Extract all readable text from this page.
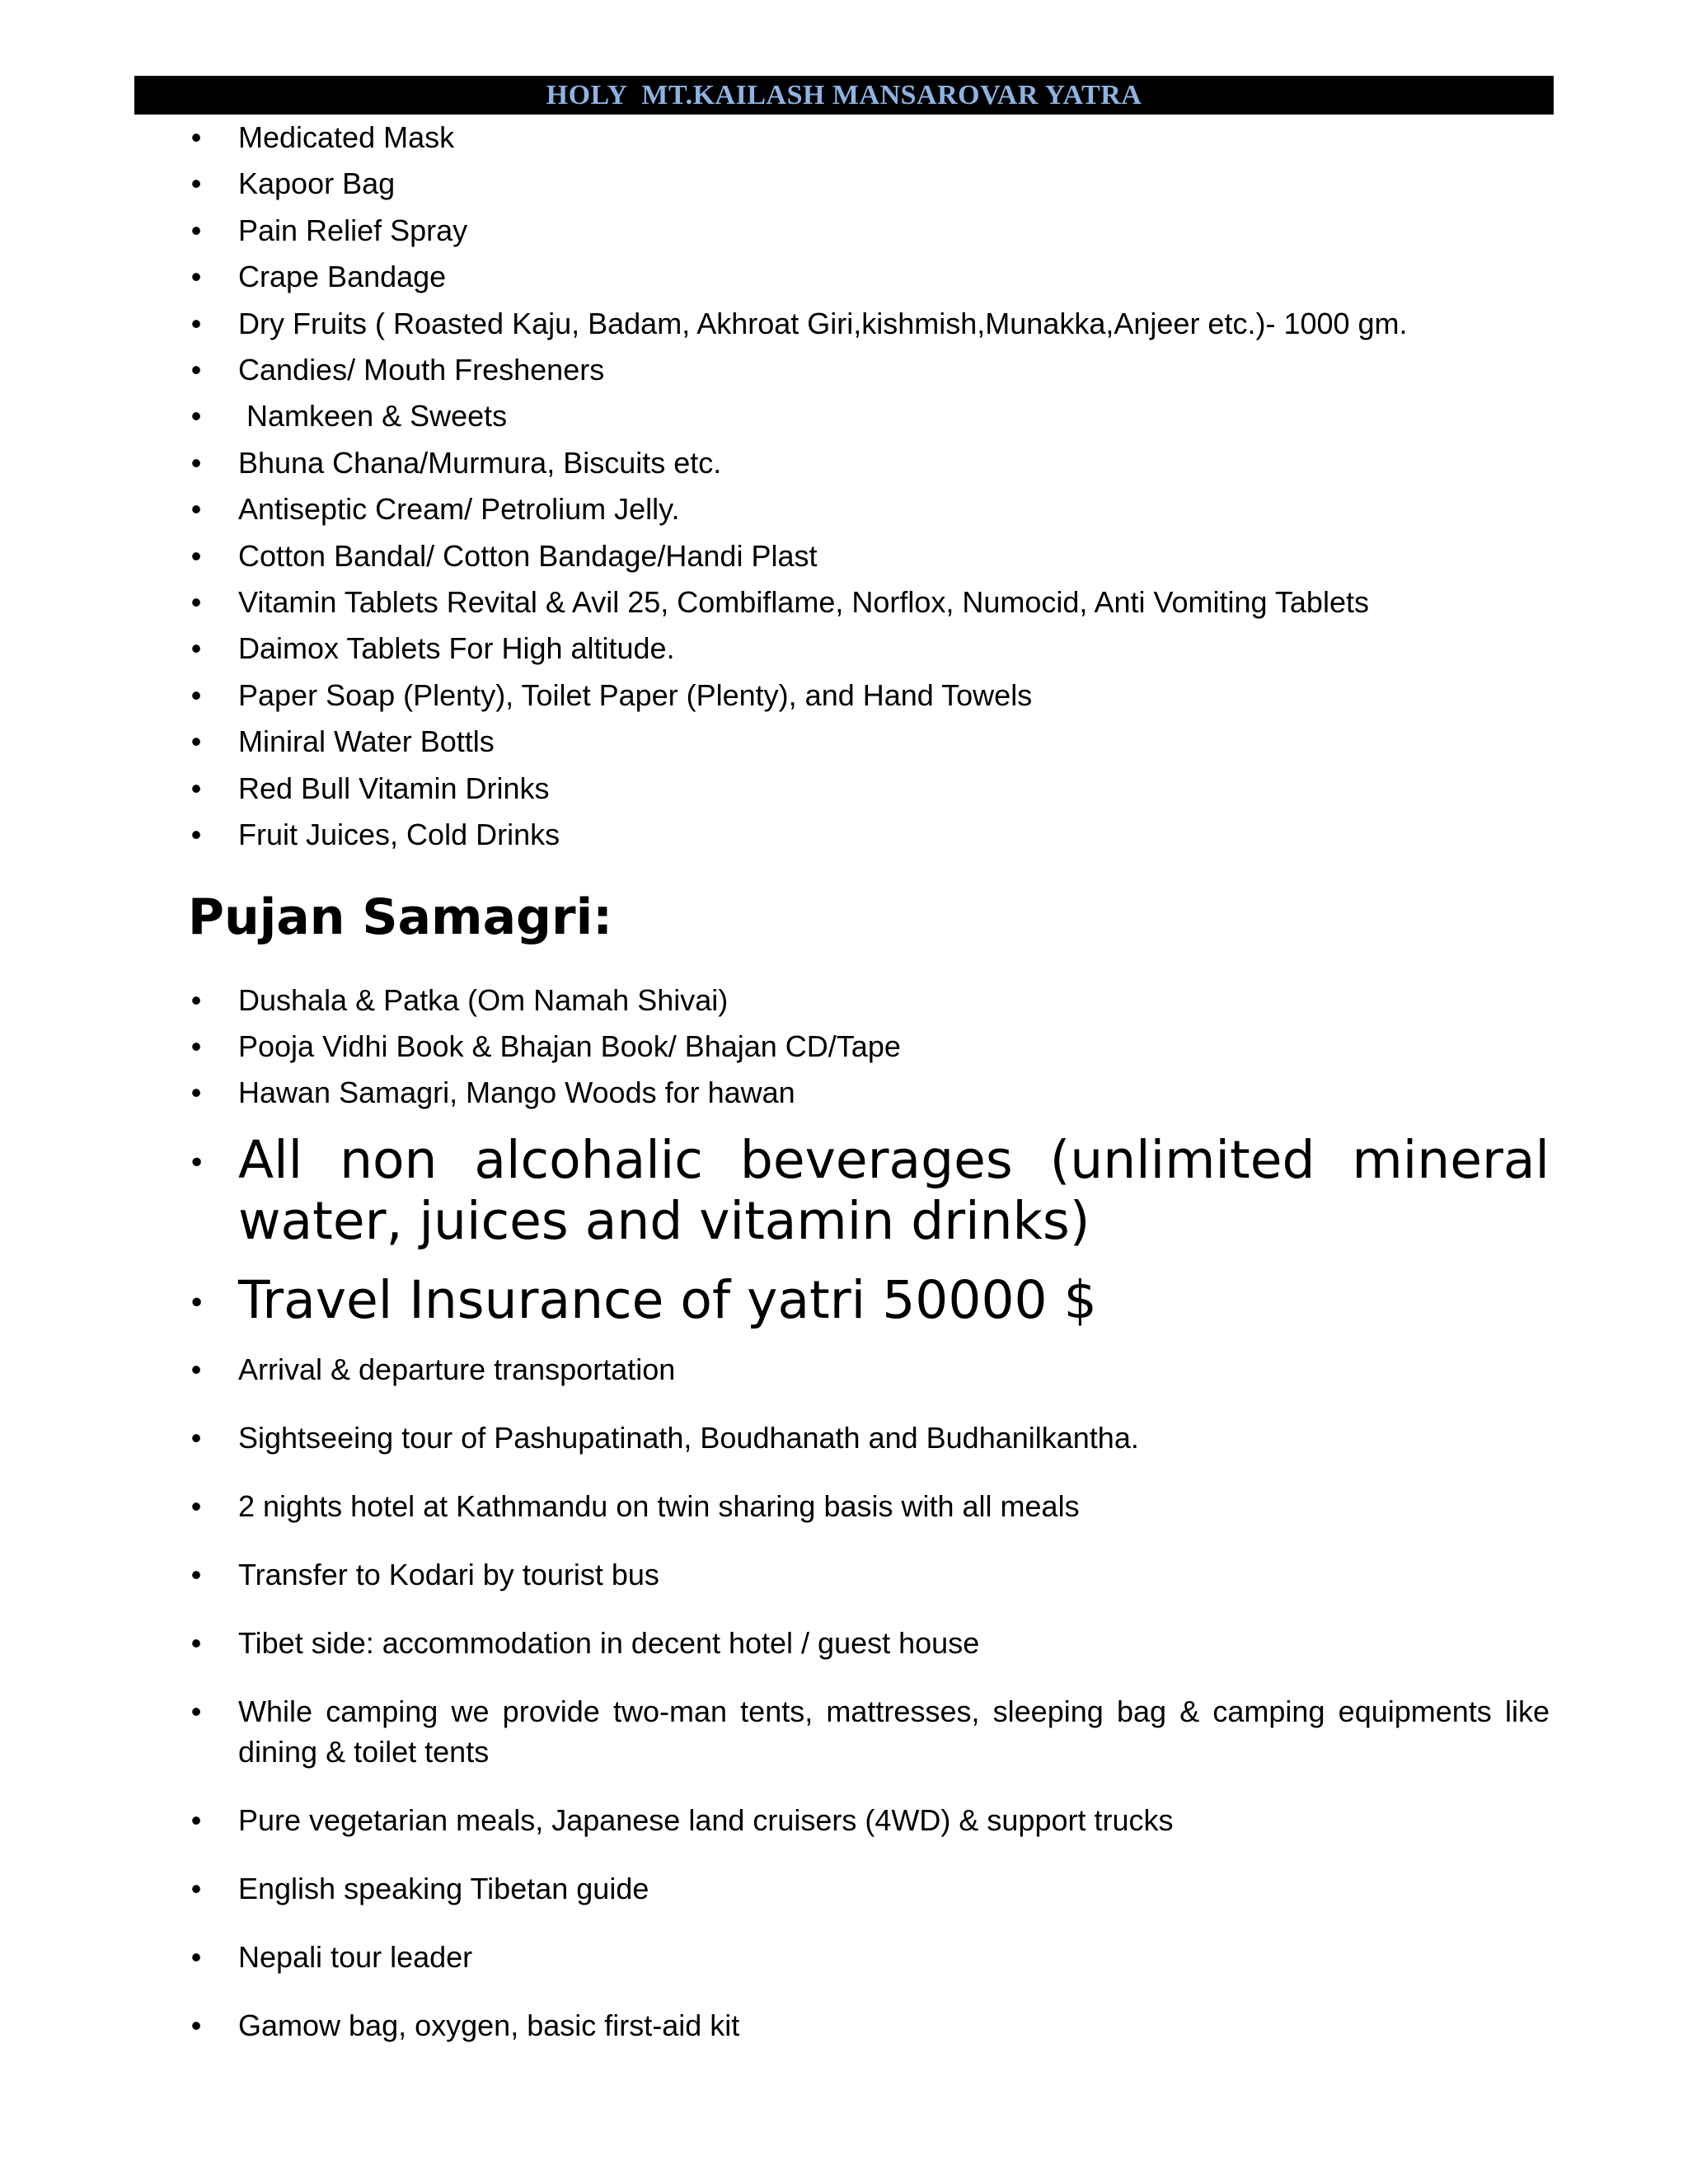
HOLY  MT.KAILASH MANSAROVAR YATRA
• Medicated Mask
• Kapoor Bag
• Pain Relief Spray
• Crape Bandage
• Dry Fruits ( Roasted Kaju, Badam, Akhroat Giri,kishmish,Munakka,Anjeer etc.)- 1000 gm.
• Candies/ Mouth Fresheners
• Namkeen & Sweets
• Bhuna Chana/Murmura, Biscuits etc.
• Antiseptic Cream/ Petrolium Jelly.
• Cotton Bandal/ Cotton Bandage/Handi Plast
• Vitamin Tablets Revital & Avil 25, Combiflame, Norflox, Numocid, Anti Vomiting Tablets
• Daimox Tablets For High altitude.
• Paper Soap (Plenty), Toilet Paper (Plenty), and Hand Towels
• Miniral Water Bottls
• Red Bull Vitamin Drinks
• Fruit Juices, Cold Drinks
Pujan Samagri:
• Dushala & Patka (Om Namah Shivai)
• Pooja Vidhi Book & Bhajan Book/ Bhajan CD/Tape
• Hawan Samagri, Mango Woods for hawan
• All non alcohalic beverages (unlimited mineral water, juices and vitamin drinks)
• Travel Insurance of yatri 50000 $
• Arrival & departure transportation
• Sightseeing tour of Pashupatinath, Boudhanath and Budhanilkantha.
• 2 nights hotel at Kathmandu on twin sharing basis with all meals
• Transfer to Kodari by tourist bus
• Tibet side: accommodation in decent hotel / guest house
• While camping we provide two-man tents, mattresses, sleeping bag & camping equipments like dining & toilet tents
• Pure vegetarian meals, Japanese land cruisers (4WD) & support trucks
• English speaking Tibetan guide
• Nepali tour leader
• Gamow bag, oxygen, basic first-aid kit
